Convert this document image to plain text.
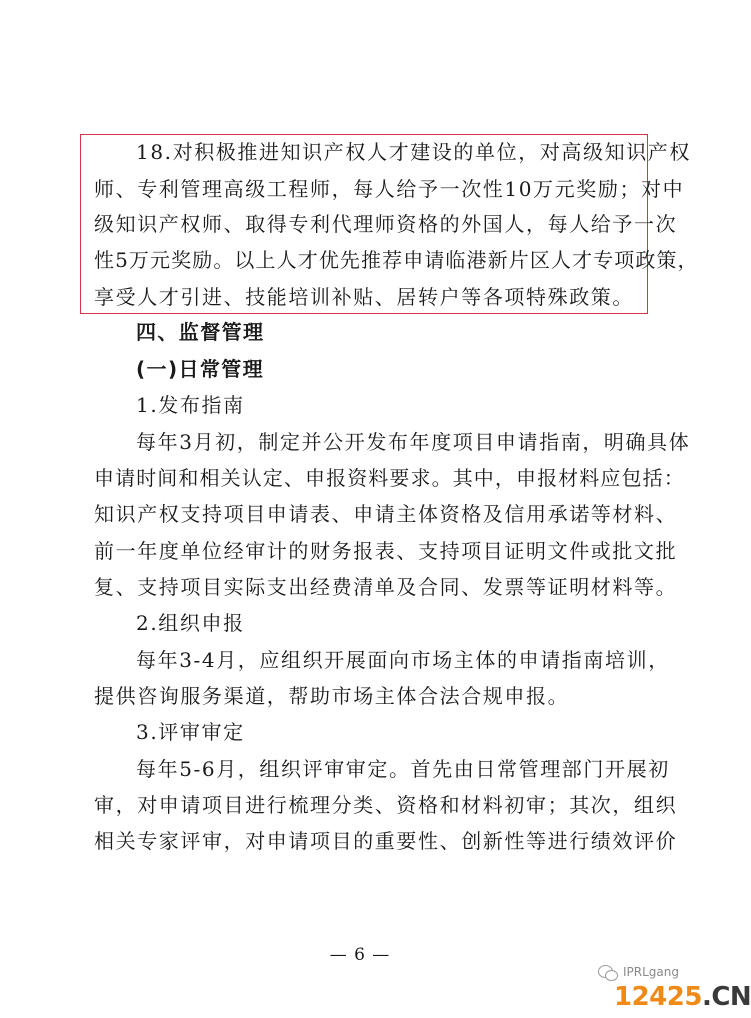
18.对积极推进知识产权人才建设的单位，对高级知识产权
师、专利管理高级工程师，每人给予一次性10万元奖励；对中
级知识产权师、取得专利代理师资格的外国人，每人给予一次
性5万元奖励。以上人才优先推荐申请临港新片区人才专项政策，
享受人才引进、技能培训补贴、居转户等各项特殊政策。
四、监督管理
(一)日常管理
1.发布指南
每年3月初，制定并公开发布年度项目申请指南，明确具体
申请时间和相关认定、申报资料要求。其中，申报材料应包括：
知识产权支持项目申请表、申请主体资格及信用承诺等材料、
前一年度单位经审计的财务报表、支持项目证明文件或批文批
复、支持项目实际支出经费清单及合同、发票等证明材料等。
2.组织申报
每年3-4月，应组织开展面向市场主体的申请指南培训，
提供咨询服务渠道，帮助市场主体合法合规申报。
3.评审审定
每年5-6月，组织评审审定。首先由日常管理部门开展初
审，对申请项目进行梳理分类、资格和材料初审；其次，组织
相关专家评审，对申请项目的重要性、创新性等进行绩效评价
— 6 —
IPRLgang
12425.CN
